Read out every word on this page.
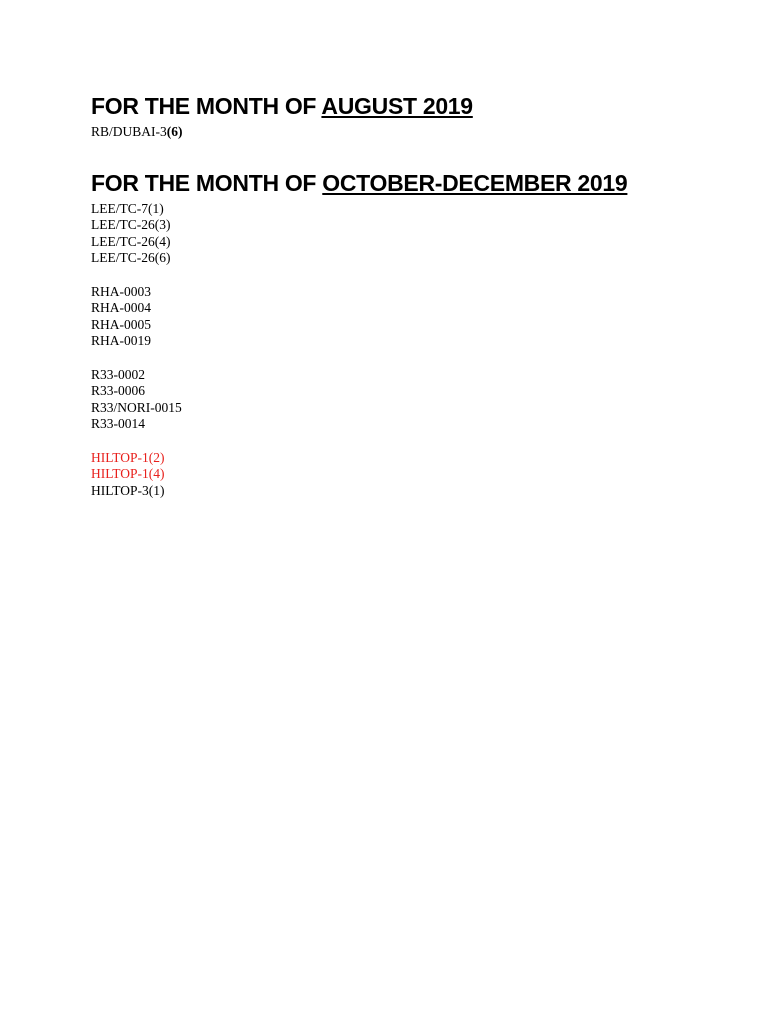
FOR THE MONTH OF AUGUST 2019

RB/DUBAI-3(6)

FOR THE MONTH OF OCTOBER-DECEMBER 2019

LEE/TC-7(1)

LEE/TC-26(3)

LEE/TC-26(4)

LEE/TC-26(6)

RHA-0003

RHA-0004

RHA-0005

RHA-0019

R33-0002

R33-0006

R33/NORI-0015

R33-0014

HILTOP-1(2)

HILTOP-1(4)

HILTOP-3(1)
